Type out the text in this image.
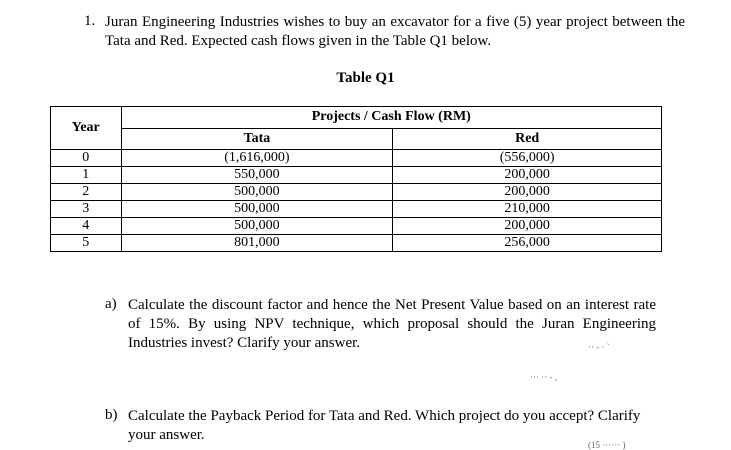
1. Juran Engineering Industries wishes to buy an excavator for a five (5) year project between the Tata and Red. Expected cash flows given in the Table Q1 below.
Table Q1
Year	Projects / Cash Flow (RM)	
	Tata	Red
0	(1,616,000)	(556,000)
1	550,000	200,000
2	500,000	200,000
3	500,000	210,000
4	500,000	200,000
5	801,000	256,000
a) Calculate the discount factor and hence the Net Present Value based on an interest rate of 15%. By using NPV technique, which proposal should the Juran Engineering Industries invest? Clarify your answer.	·· - · `
··· ·· - ,
b) Calculate the Payback Period for Tata and Red. Which project do you accept? Clarify your answer.
(15 ······ )
